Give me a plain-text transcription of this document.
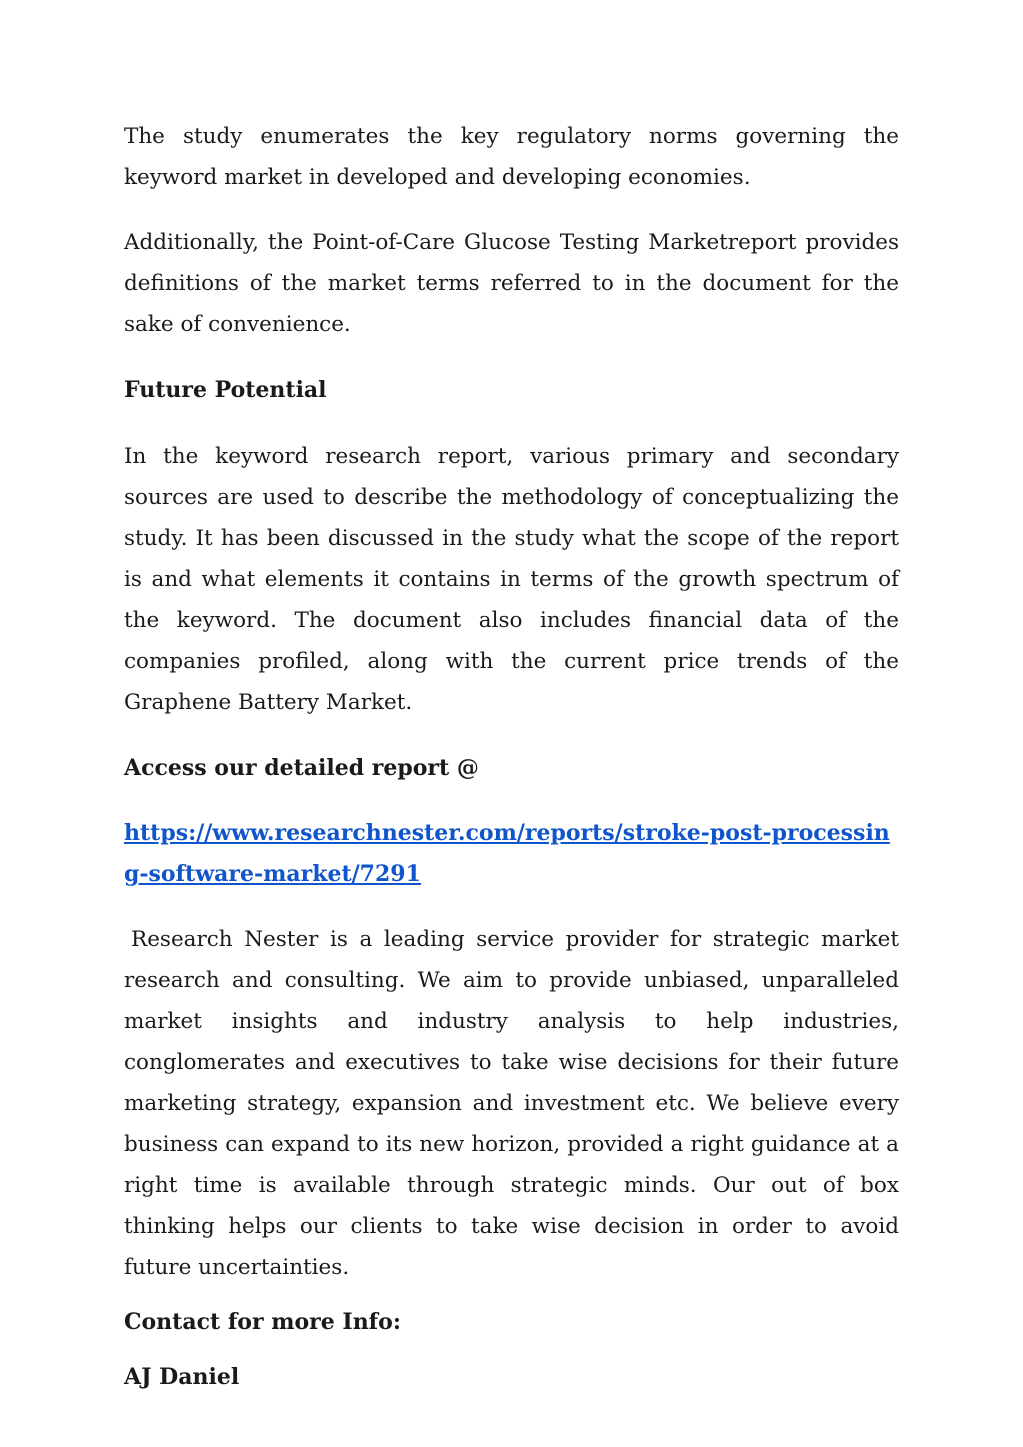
The study enumerates the key regulatory norms governing the keyword market in developed and developing economies.

Additionally, the Point-of-Care Glucose Testing Marketreport provides definitions of the market terms referred to in the document for the sake of convenience.

Future Potential

In the keyword research report, various primary and secondary sources are used to describe the methodology of conceptualizing the study. It has been discussed in the study what the scope of the report is and what elements it contains in terms of the growth spectrum of the keyword. The document also includes financial data of the companies profiled, along with the current price trends of the Graphene Battery Market.

Access our detailed report @

https://www.researchnester.com/reports/stroke-post-processing-software-market/7291

Research Nester is a leading service provider for strategic market research and consulting. We aim to provide unbiased, unparalleled market insights and industry analysis to help industries, conglomerates and executives to take wise decisions for their future marketing strategy, expansion and investment etc. We believe every business can expand to its new horizon, provided a right guidance at a right time is available through strategic minds. Our out of box thinking helps our clients to take wise decision in order to avoid future uncertainties.

Contact for more Info:

AJ Daniel
